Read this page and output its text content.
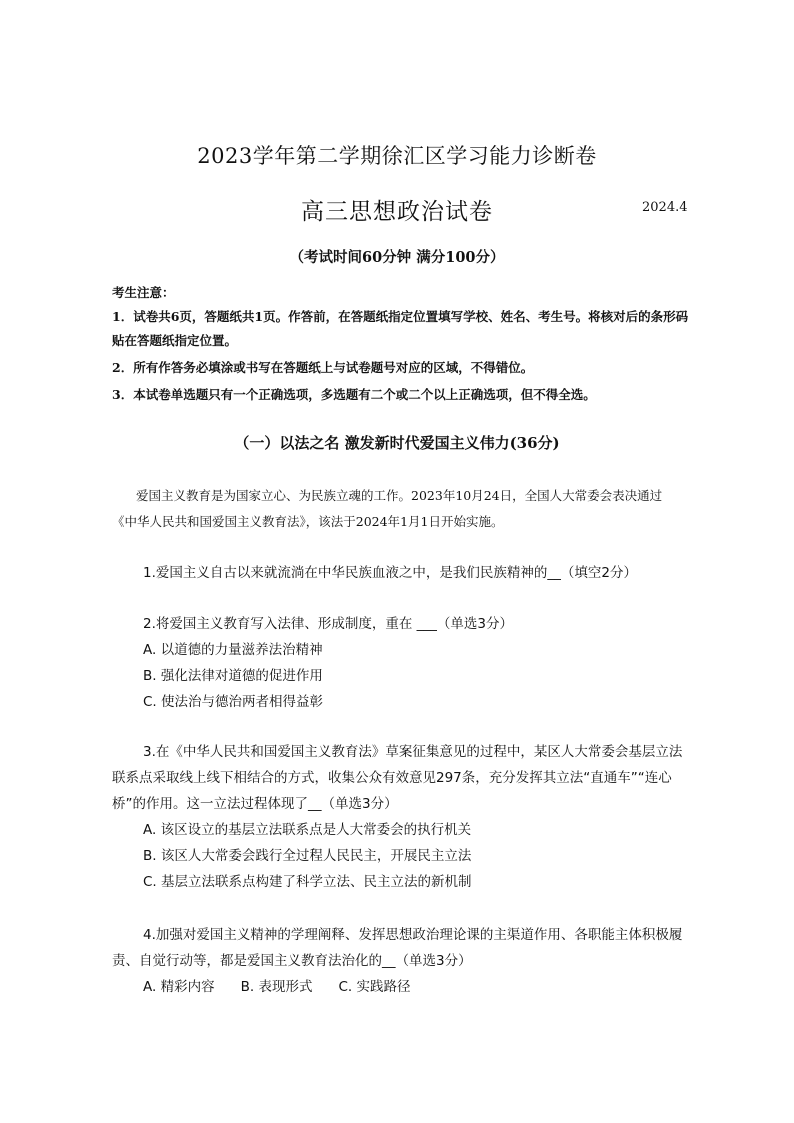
2023学年第二学期徐汇区学习能力诊断卷
高三思想政治试卷	2024.4
（考试时间60分钟 满分100分）
考生注意：

1．试卷共6页，答题纸共1页。作答前，在答题纸指定位置填写学校、姓名、考生号。将核对后的条形码贴在答题纸指定位置。

2．所有作答务必填涂或书写在答题纸上与试卷题号对应的区域，不得错位。

3．本试卷单选题只有一个正确选项，多选题有二个或二个以上正确选项，但不得全选。

（一）以法之名 激发新时代爱国主义伟力(36分)
爱国主义教育是为国家立心、为民族立魂的工作。2023年10月24日，全国人大常委会表决通过《中华人民共和国爱国主义教育法》，该法于2024年1月1日开始实施。

1.爱国主义自古以来就流淌在中华民族血液之中，是我们民族精神的__（填空2分）

2.将爱国主义教育写入法律、形成制度，重在 ___（单选3分）

A. 以道德的力量滋养法治精神

B. 强化法律对道德的促进作用

C. 使法治与德治两者相得益彰

3.在《中华人民共和国爱国主义教育法》草案征集意见的过程中，某区人大常委会基层立法联系点采取线上线下相结合的方式，收集公众有效意见297条，充分发挥其立法“直通车”“连心桥”的作用。这一立法过程体现了__（单选3分）

A. 该区设立的基层立法联系点是人大常委会的执行机关

B. 该区人大常委会践行全过程人民民主，开展民主立法

C. 基层立法联系点构建了科学立法、民主立法的新机制

4.加强对爱国主义精神的学理阐释、发挥思想政治理论课的主渠道作用、各职能主体积极履责、自觉行动等，都是爱国主义教育法治化的__（单选3分）

A. 精彩内容 B. 表现形式 C. 实践路径
